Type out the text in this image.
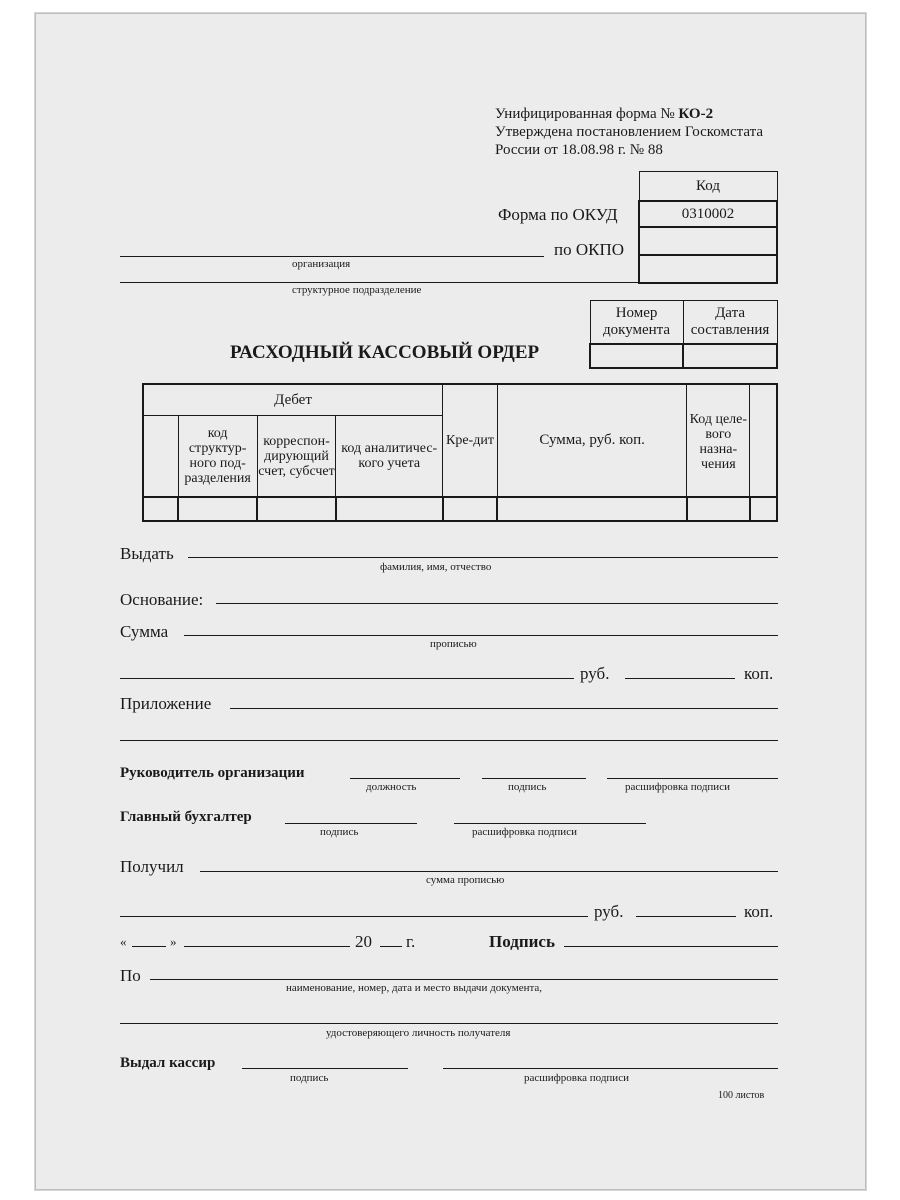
Унифицированная форма № КО-2
Утверждена постановлением Госкомстата
России от 18.08.98 г. № 88
Код
0310002

Форма по ОКУД
по ОКПО
организация
структурное подразделение
Номер документа	Дата составления

РАСХОДНЫЙ КАССОВЫЙ ОРДЕР
Дебет				Кре-дит	Сумма, руб. коп.	Код целе-вого назна-чения	
	код структур-ного под-разделения	корреспон-дирующий счет, субсчет	код аналитичес-кого учета				

Выдать
фамилия, имя, отчество
Основание:
Сумма
прописью
руб.	коп.
Приложение
Руководитель организации
должность	подпись	расшифровка подписи
Главный бухгалтер
подпись	расшифровка подписи
Получил
сумма прописью
руб.	коп.
«	»	20 г.	Подпись
По
наименование, номер, дата и место выдачи документа,
удостоверяющего личность получателя
Выдал кассир
подпись	расшифровка подписи
100 листов
